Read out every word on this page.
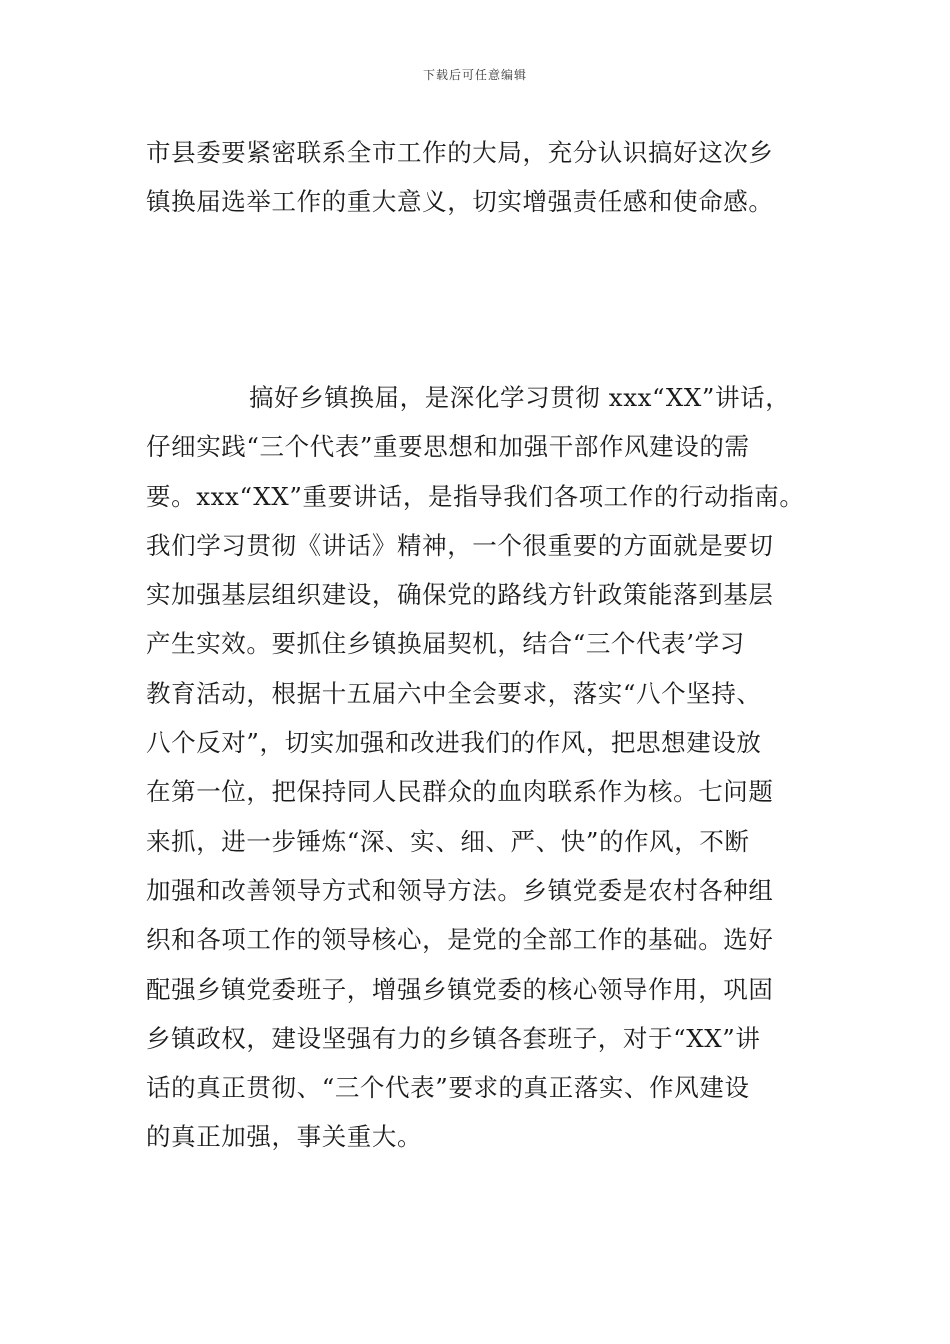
下载后可任意编辑

市县委要紧密联系全市工作的大局，充分认识搞好这次乡
镇换届选举工作的重大意义，切实增强责任感和使命感。

搞好乡镇换届，是深化学习贯彻 xxx“XX”讲话，
仔细实践“三个代表”重要思想和加强干部作风建设的需
要。xxx“XX”重要讲话，是指导我们各项工作的行动指南。
我们学习贯彻《讲话》精神，一个很重要的方面就是要切
实加强基层组织建设，确保党的路线方针政策能落到基层
产生实效。要抓住乡镇换届契机，结合“三个代表’学习
教育活动，根据十五届六中全会要求，落实“八个坚持、
八个反对”，切实加强和改进我们的作风，把思想建设放
在第一位，把保持同人民群众的血肉联系作为核。七问题
来抓，进一步锤炼“深、实、细、严、快”的作风，不断
加强和改善领导方式和领导方法。乡镇党委是农村各种组
织和各项工作的领导核心，是党的全部工作的基础。选好
配强乡镇党委班子，增强乡镇党委的核心领导作用，巩固
乡镇政权，建设坚强有力的乡镇各套班子，对于“XX”讲
话的真正贯彻、“三个代表”要求的真正落实、作风建设
的真正加强，事关重大。
